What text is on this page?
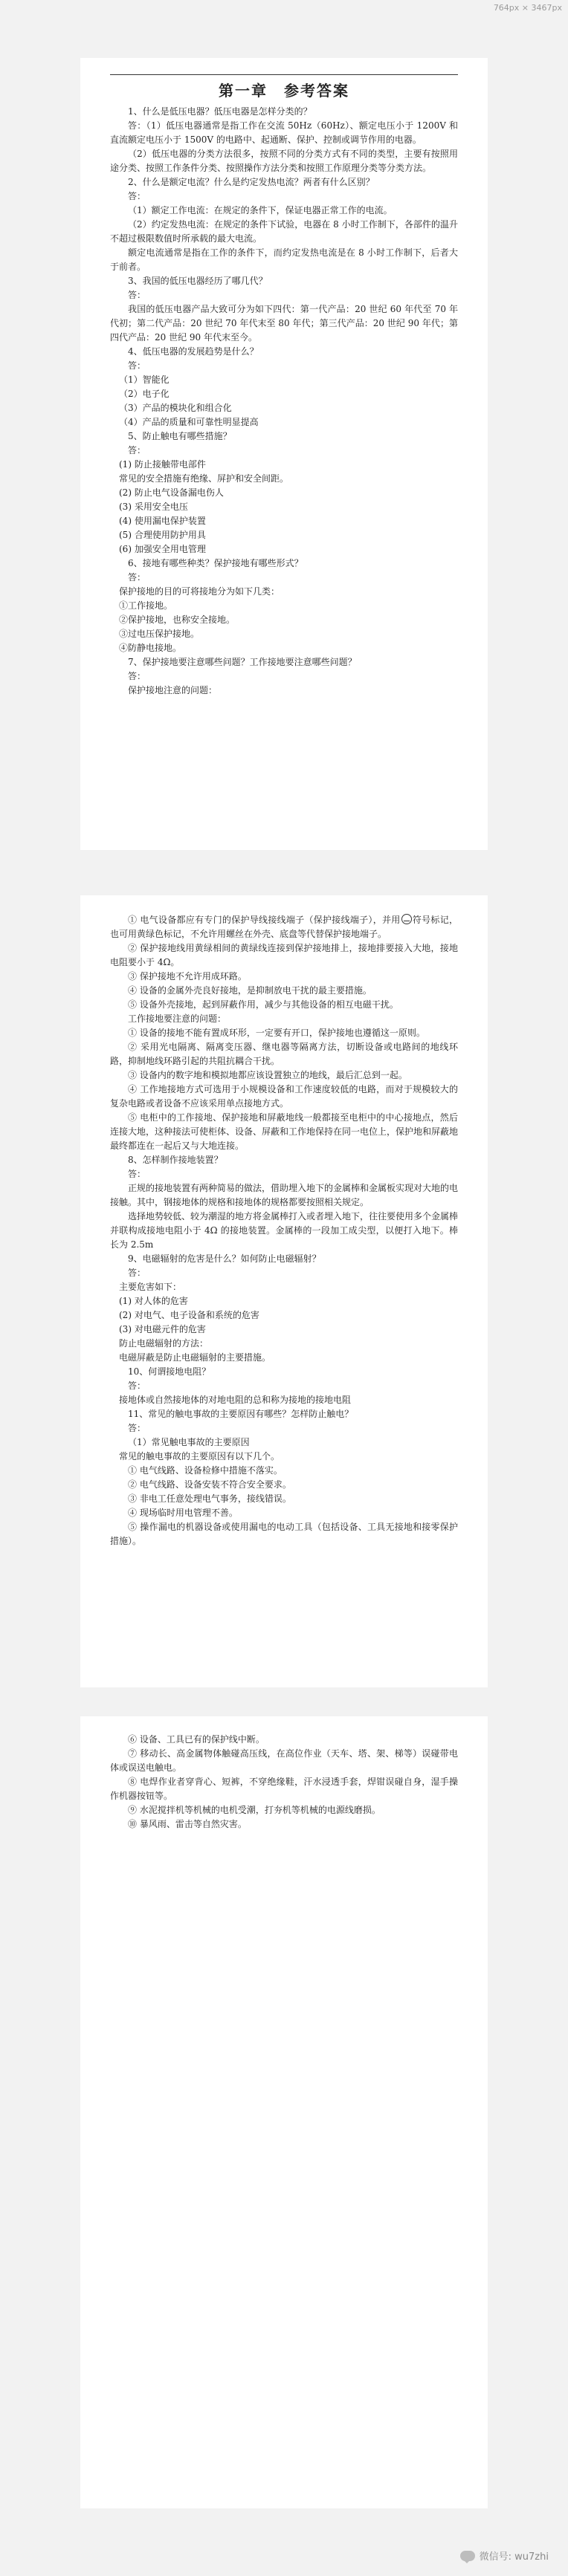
764px × 3467px
第一章　参考答案

1、什么是低压电器？低压电器是怎样分类的？

答：（1）低压电器通常是指工作在交流 50Hz（60Hz）、额定电压小于 1200V 和直流额定电压小于 1500V 的电路中、起通断、保护、控制或调节作用的电器。

（2）低压电器的分类方法很多，按照不同的分类方式有不同的类型，主要有按照用途分类、按照工作条件分类、按照操作方法分类和按照工作原理分类等分类方法。

2、什么是额定电流？什么是约定发热电流？两者有什么区别？

答：

（1）额定工作电流：在规定的条件下，保证电器正常工作的电流。

（2）约定发热电流：在规定的条件下试验，电器在 8 小时工作制下，各部件的温升不超过极限数值时所承载的最大电流。

额定电流通常是指在工作的条件下，而约定发热电流是在 8 小时工作制下，后者大于前者。

3、我国的低压电器经历了哪几代？

答：

我国的低压电器产品大致可分为如下四代：第一代产品：20 世纪 60 年代至 70 年代初；第二代产品：20 世纪 70 年代末至 80 年代；第三代产品：20 世纪 90 年代；第四代产品：20 世纪 90 年代末至今。

4、低压电器的发展趋势是什么？

答：

（1）智能化

（2）电子化

（3）产品的模块化和组合化

（4）产品的质量和可靠性明显提高

5、防止触电有哪些措施？

答：

(1) 防止接触带电部件

常见的安全措施有绝缘、屏护和安全间距。

(2) 防止电气设备漏电伤人

(3) 采用安全电压

(4) 使用漏电保护装置

(5) 合理使用防护用具

(6) 加强安全用电管理

6、接地有哪些种类？保护接地有哪些形式？

答：

保护接地的目的可将接地分为如下几类：

①工作接地。

②保护接地，也称安全接地。

③过电压保护接地。

④防静电接地。

7、保护接地要注意哪些问题？工作接地要注意哪些问题？

答：

保护接地注意的问题：

① 电气设备都应有专门的保护导线接线端子（保护接线端子），并用 符号标记，也可用黄绿色标记，不允许用螺丝在外壳、底盘等代替保护接地端子。

② 保护接地线用黄绿相间的黄绿线连接到保护接地排上，接地排要接入大地，接地电阻要小于 4Ω。

③ 保护接地不允许用成环路。

④ 设备的金属外壳良好接地，是抑制放电干扰的最主要措施。

⑤ 设备外壳接地，起到屏蔽作用，减少与其他设备的相互电磁干扰。

工作接地要注意的问题：

① 设备的接地不能有置成环形，一定要有开口，保护接地也遵循这一原则。

② 采用光电隔离、隔离变压器、继电器等隔离方法，切断设备或电路间的地线环路，抑制地线环路引起的共阻抗耦合干扰。

③ 设备内的数字地和模拟地都应该设置独立的地线，最后汇总到一起。

④ 工作地接地方式可选用于小规模设备和工作速度较低的电路，而对于规模较大的复杂电路或者设备不应该采用单点接地方式。

⑤ 电柜中的工作接地、保护接地和屏蔽地线一般都接至电柜中的中心接地点，然后连接大地，这种接法可使柜体、设备、屏蔽和工作地保持在同一电位上，保护地和屏蔽地最终都连在一起后又与大地连接。

8、怎样制作接地装置？

答：

正规的接地装置有两种简易的做法，借助埋入地下的金属棒和金属板实现对大地的电接触。其中，钢接地体的规格和接地体的规格都要按照相关规定。

选择地势较低、较为潮湿的地方将金属棒打入或者埋入地下，往往要使用多个金属棒并联构成接地电阻小于 4Ω 的接地装置。金属棒的一段加工成尖型，以便打入地下。棒长为 2.5m

9、电磁辐射的危害是什么？如何防止电磁辐射？

答：

主要危害如下：

(1) 对人体的危害

(2) 对电气、电子设备和系统的危害

(3) 对电磁元件的危害

防止电磁辐射的方法：

电磁屏蔽是防止电磁辐射的主要措施。

10、何谓接地电阻？

答：

接地体或自然接地体的对地电阻的总和称为接地的接地电阻

11、常见的触电事故的主要原因有哪些？怎样防止触电？

答：

（1）常见触电事故的主要原因

常见的触电事故的主要原因有以下几个。

① 电气线路、设备检修中措施不落实。

② 电气线路、设备安装不符合安全要求。

③ 非电工任意处理电气事务，接线错误。

④ 现场临时用电管理不善。

⑤ 操作漏电的机器设备或使用漏电的电动工具（包括设备、工具无接地和接零保护措施）。

⑥ 设备、工具已有的保护线中断。

⑦ 移动长、高金属物体触碰高压线，在高位作业（天车、塔、架、梯等）误碰带电体或误送电触电。

⑧ 电焊作业者穿背心、短裤，不穿绝缘鞋，汗水浸透手套，焊钳误碰自身，湿手操作机器按钮等。

⑨ 水泥搅拌机等机械的电机受潮，打夯机等机械的电源线磨损。

⑩ 暴风雨、雷击等自然灾害。

微信号: wu7zhi
